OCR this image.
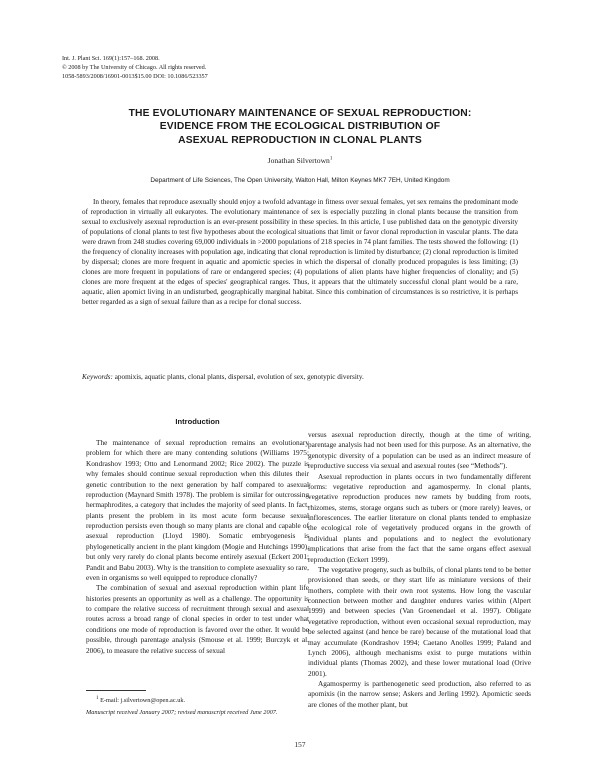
Int. J. Plant Sci. 169(1):157–168. 2008.
© 2008 by The University of Chicago. All rights reserved.
1058-5893/2008/16901-0013$15.00 DOI: 10.1086/523357
THE EVOLUTIONARY MAINTENANCE OF SEXUAL REPRODUCTION:
EVIDENCE FROM THE ECOLOGICAL DISTRIBUTION OF
ASEXUAL REPRODUCTION IN CLONAL PLANTS
Jonathan Silvertown$^1$
Department of Life Sciences, The Open University, Walton Hall, Milton Keynes MK7 7EH, United Kingdom

In theory, females that reproduce asexually should enjoy a twofold advantage in fitness over sexual females, yet sex remains the predominant mode of reproduction in virtually all eukaryotes. The evolutionary maintenance of sex is especially puzzling in clonal plants because the transition from sexual to exclusively asexual reproduction is an ever-present possibility in these species. In this article, I use published data on the genotypic diversity of populations of clonal plants to test five hypotheses about the ecological situations that limit or favor clonal reproduction in vascular plants. The data were drawn from 248 studies covering 69,000 individuals in >2000 populations of 218 species in 74 plant families. The tests showed the following: (1) the frequency of clonality increases with population age, indicating that clonal reproduction is limited by disturbance; (2) clonal reproduction is limited by dispersal; clones are more frequent in aquatic and apomictic species in which the dispersal of clonally produced propagules is less limiting; (3) clones are more frequent in populations of rare or endangered species; (4) populations of alien plants have higher frequencies of clonality; and (5) clones are more frequent at the edges of species' geographical ranges. Thus, it appears that the ultimately successful clonal plant would be a rare, aquatic, alien apomict living in an undisturbed, geographically marginal habitat. Since this combination of circumstances is so restrictive, it is perhaps better regarded as a sign of sexual failure than as a recipe for clonal success.

Keywords: apomixis, aquatic plants, clonal plants, dispersal, evolution of sex, genotypic diversity.
Introduction

The maintenance of sexual reproduction remains an evolutionary problem for which there are many contending solutions (Williams 1975; Kondrashov 1993; Otto and Lenormand 2002; Rice 2002). The puzzle is why females should continue sexual reproduction when this dilutes their genetic contribution to the next generation by half compared to asexual reproduction (Maynard Smith 1978). The problem is similar for outcrossing hermaphrodites, a category that includes the majority of seed plants. In fact, plants present the problem in its most acute form because sexual reproduction persists even though so many plants are clonal and capable of asexual reproduction (Lloyd 1980). Somatic embryogenesis is phylogenetically ancient in the plant kingdom (Mogie and Hutchings 1990), but only very rarely do clonal plants become entirely asexual (Eckert 2001; Pandit and Babu 2003). Why is the transition to complete asexuality so rare, even in organisms so well equipped to reproduce clonally?

The combination of sexual and asexual reproduction within plant life histories presents an opportunity as well as a challenge. The opportunity is to compare the relative success of recruitment through sexual and asexual routes across a broad range of clonal species in order to test under what conditions one mode of reproduction is favored over the other. It would be possible, through parentage analysis (Smouse et al. 1999; Burczyk et al. 2006), to measure the relative success of sexual

versus asexual reproduction directly, though at the time of writing, parentage analysis had not been used for this purpose. As an alternative, the genotypic diversity of a population can be used as an indirect measure of reproductive success via sexual and asexual routes (see “Methods”).

Asexual reproduction in plants occurs in two fundamentally different forms: vegetative reproduction and agamospermy. In clonal plants, vegetative reproduction produces new ramets by budding from roots, rhizomes, stems, storage organs such as tubers or (more rarely) leaves, or inflorescences. The earlier literature on clonal plants tended to emphasize the ecological role of vegetatively produced organs in the growth of individual plants and populations and to neglect the evolutionary implications that arise from the fact that the same organs effect asexual reproduction (Eckert 1999).

The vegetative progeny, such as bulbils, of clonal plants tend to be better provisioned than seeds, or they start life as miniature versions of their mothers, complete with their own root systems. How long the vascular connection between mother and daughter endures varies within (Alpert 1999) and between species (Van Groenendael et al. 1997). Obligate vegetative reproduction, without even occasional sexual reproduction, may be selected against (and hence be rare) because of the mutational load that may accumulate (Kondrashov 1994; Caetano Anolles 1999; Paland and Lynch 2006), although mechanisms exist to purge mutations within individual plants (Thomas 2002), and these lower mutational load (Orive 2001).

Agamospermy is parthenogenetic seed production, also referred to as apomixis (in the narrow sense; Askers and Jerling 1992). Apomictic seeds are clones of the mother plant, but

$^1$ E-mail: j.silvertown@open.ac.uk.

Manuscript received January 2007; revised manuscript received June 2007.

157
